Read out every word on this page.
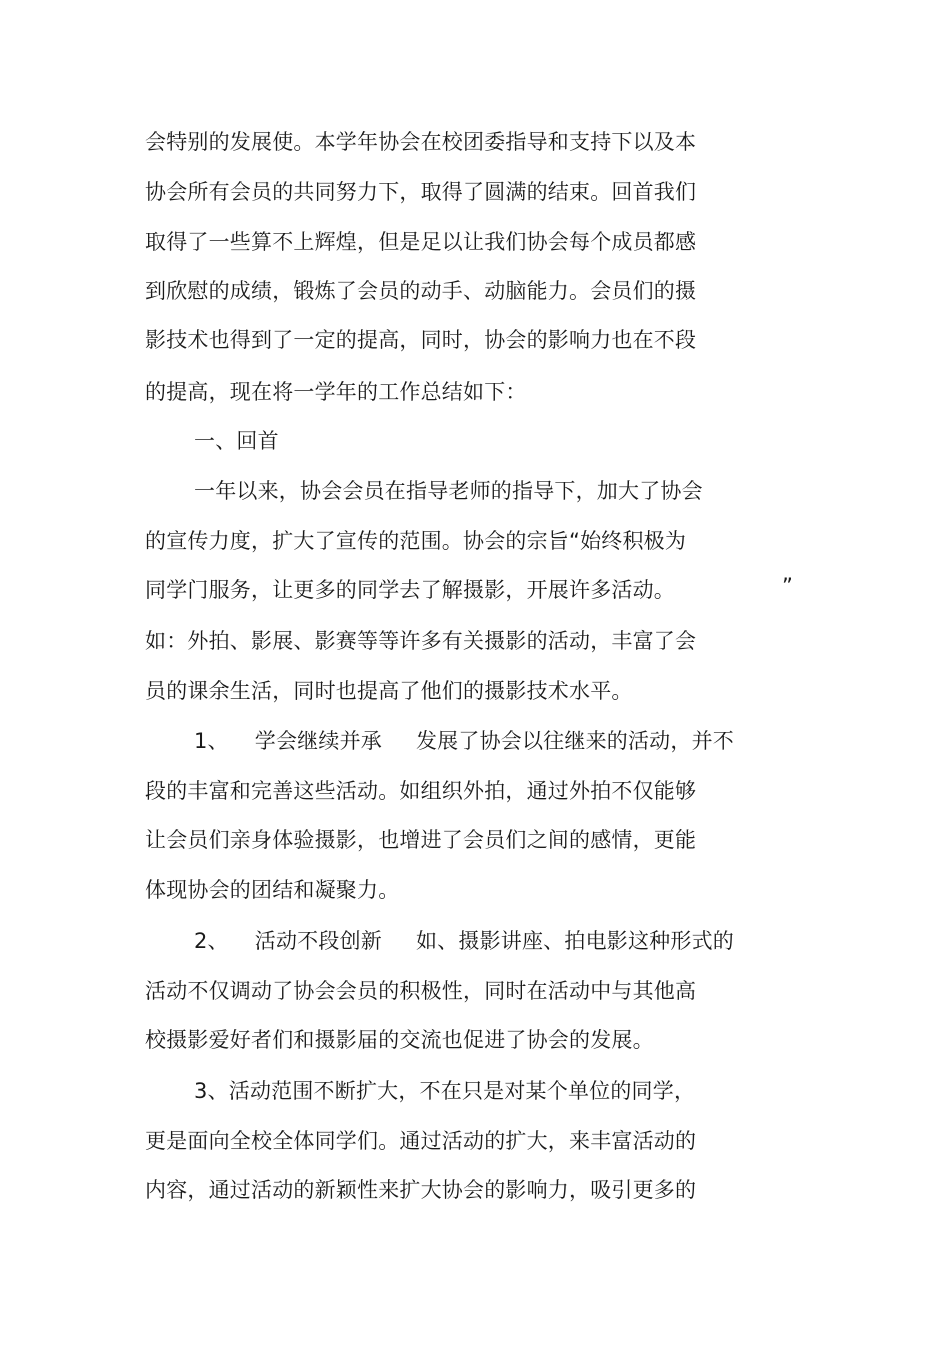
会特别的发展使。本学年协会在校团委指导和支持下以及本
协会所有会员的共同努力下，取得了圆满的结束。回首我们
取得了一些算不上辉煌，但是足以让我们协会每个成员都感
到欣慰的成绩，锻炼了会员的动手、动脑能力。会员们的摄
影技术也得到了一定的提高，同时，协会的影响力也在不段
的提高，现在将一学年的工作总结如下：
一、回首
一年以来，协会会员在指导老师的指导下，加大了协会
的宣传力度，扩大了宣传的范围。协会的宗旨“始终积极为
同学门服务，让更多的同学去了解摄影，开展许多活动。	”
如：外拍、影展、影赛等等许多有关摄影的活动，丰富了会
员的课余生活，同时也提高了他们的摄影技术水平。
1、 学会继续并承 发展了协会以往继来的活动，并不
段的丰富和完善这些活动。如组织外拍，通过外拍不仅能够
让会员们亲身体验摄影，也增进了会员们之间的感情，更能
体现协会的团结和凝聚力。
2、 活动不段创新 如、摄影讲座、拍电影这种形式的
活动不仅调动了协会会员的积极性，同时在活动中与其他高
校摄影爱好者们和摄影届的交流也促进了协会的发展。
3、活动范围不断扩大，不在只是对某个单位的同学，
更是面向全校全体同学们。通过活动的扩大，来丰富活动的
内容，通过活动的新颖性来扩大协会的影响力，吸引更多的
